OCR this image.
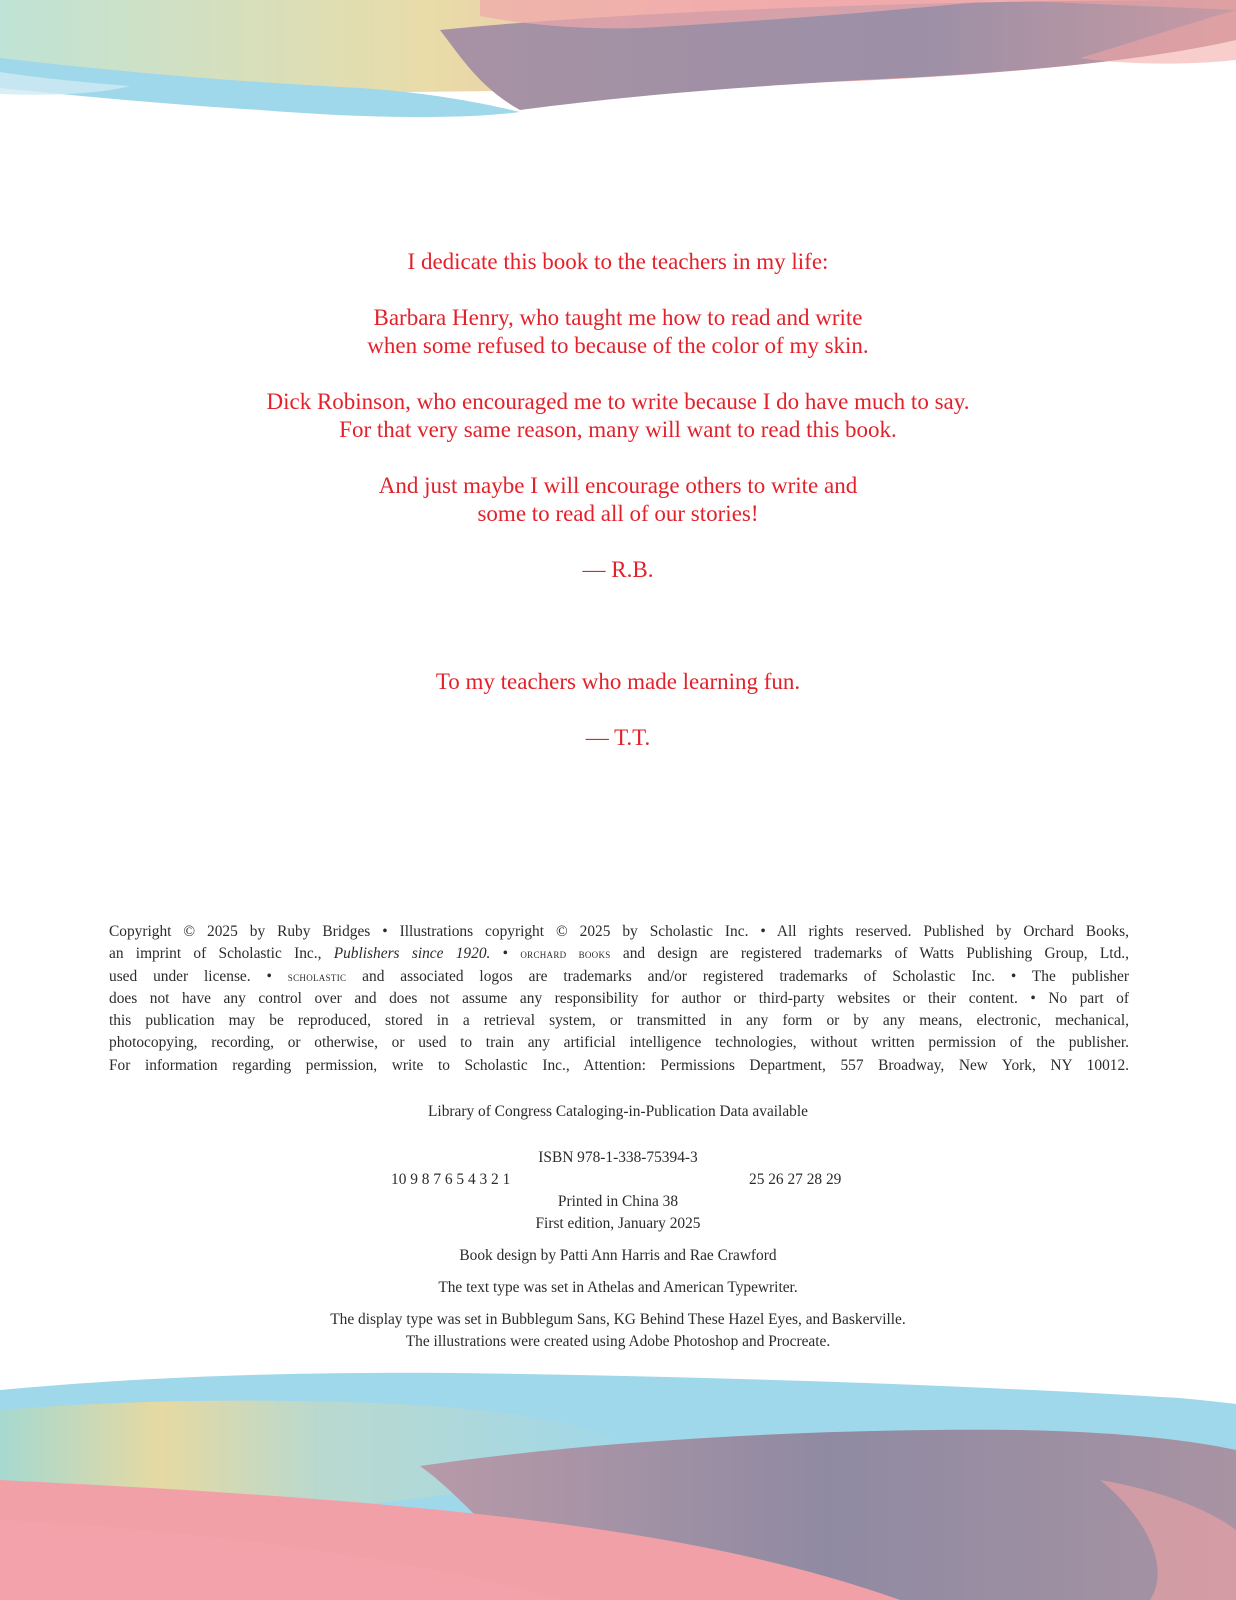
I dedicate this book to the teachers in my life:

Barbara Henry, who taught me how to read and write

when some refused to because of the color of my skin.

Dick Robinson, who encouraged me to write because I do have much to say.

For that very same reason, many will want to read this book.

And just maybe I will encourage others to write and

some to read all of our stories!

— R.B.

To my teachers who made learning fun.

— T.T.

Copyright © 2025 by Ruby Bridges • Illustrations copyright © 2025 by Scholastic Inc. • All rights reserved. Published by Orchard Books,
an imprint of Scholastic Inc., Publishers since 1920. • orchard books and design are registered trademarks of Watts Publishing Group, Ltd.,
used under license. • scholastic and associated logos are trademarks and/or registered trademarks of Scholastic Inc. • The publisher
does not have any control over and does not assume any responsibility for author or third-party websites or their content. • No part of
this publication may be reproduced, stored in a retrieval system, or transmitted in any form or by any means, electronic, mechanical,
photocopying, recording, or otherwise, or used to train any artificial intelligence technologies, without written permission of the publisher.
For information regarding permission, write to Scholastic Inc., Attention: Permissions Department, 557 Broadway, New York, NY 10012.

Library of Congress Cataloging-in-Publication Data available

ISBN 978-1-338-75394-3

10 9 8 7 6 5 4 3 2 1	25 26 27 28 29

Printed in China 38

First edition, January 2025

Book design by Patti Ann Harris and Rae Crawford

The text type was set in Athelas and American Typewriter.

The display type was set in Bubblegum Sans, KG Behind These Hazel Eyes, and Baskerville.

The illustrations were created using Adobe Photoshop and Procreate.
